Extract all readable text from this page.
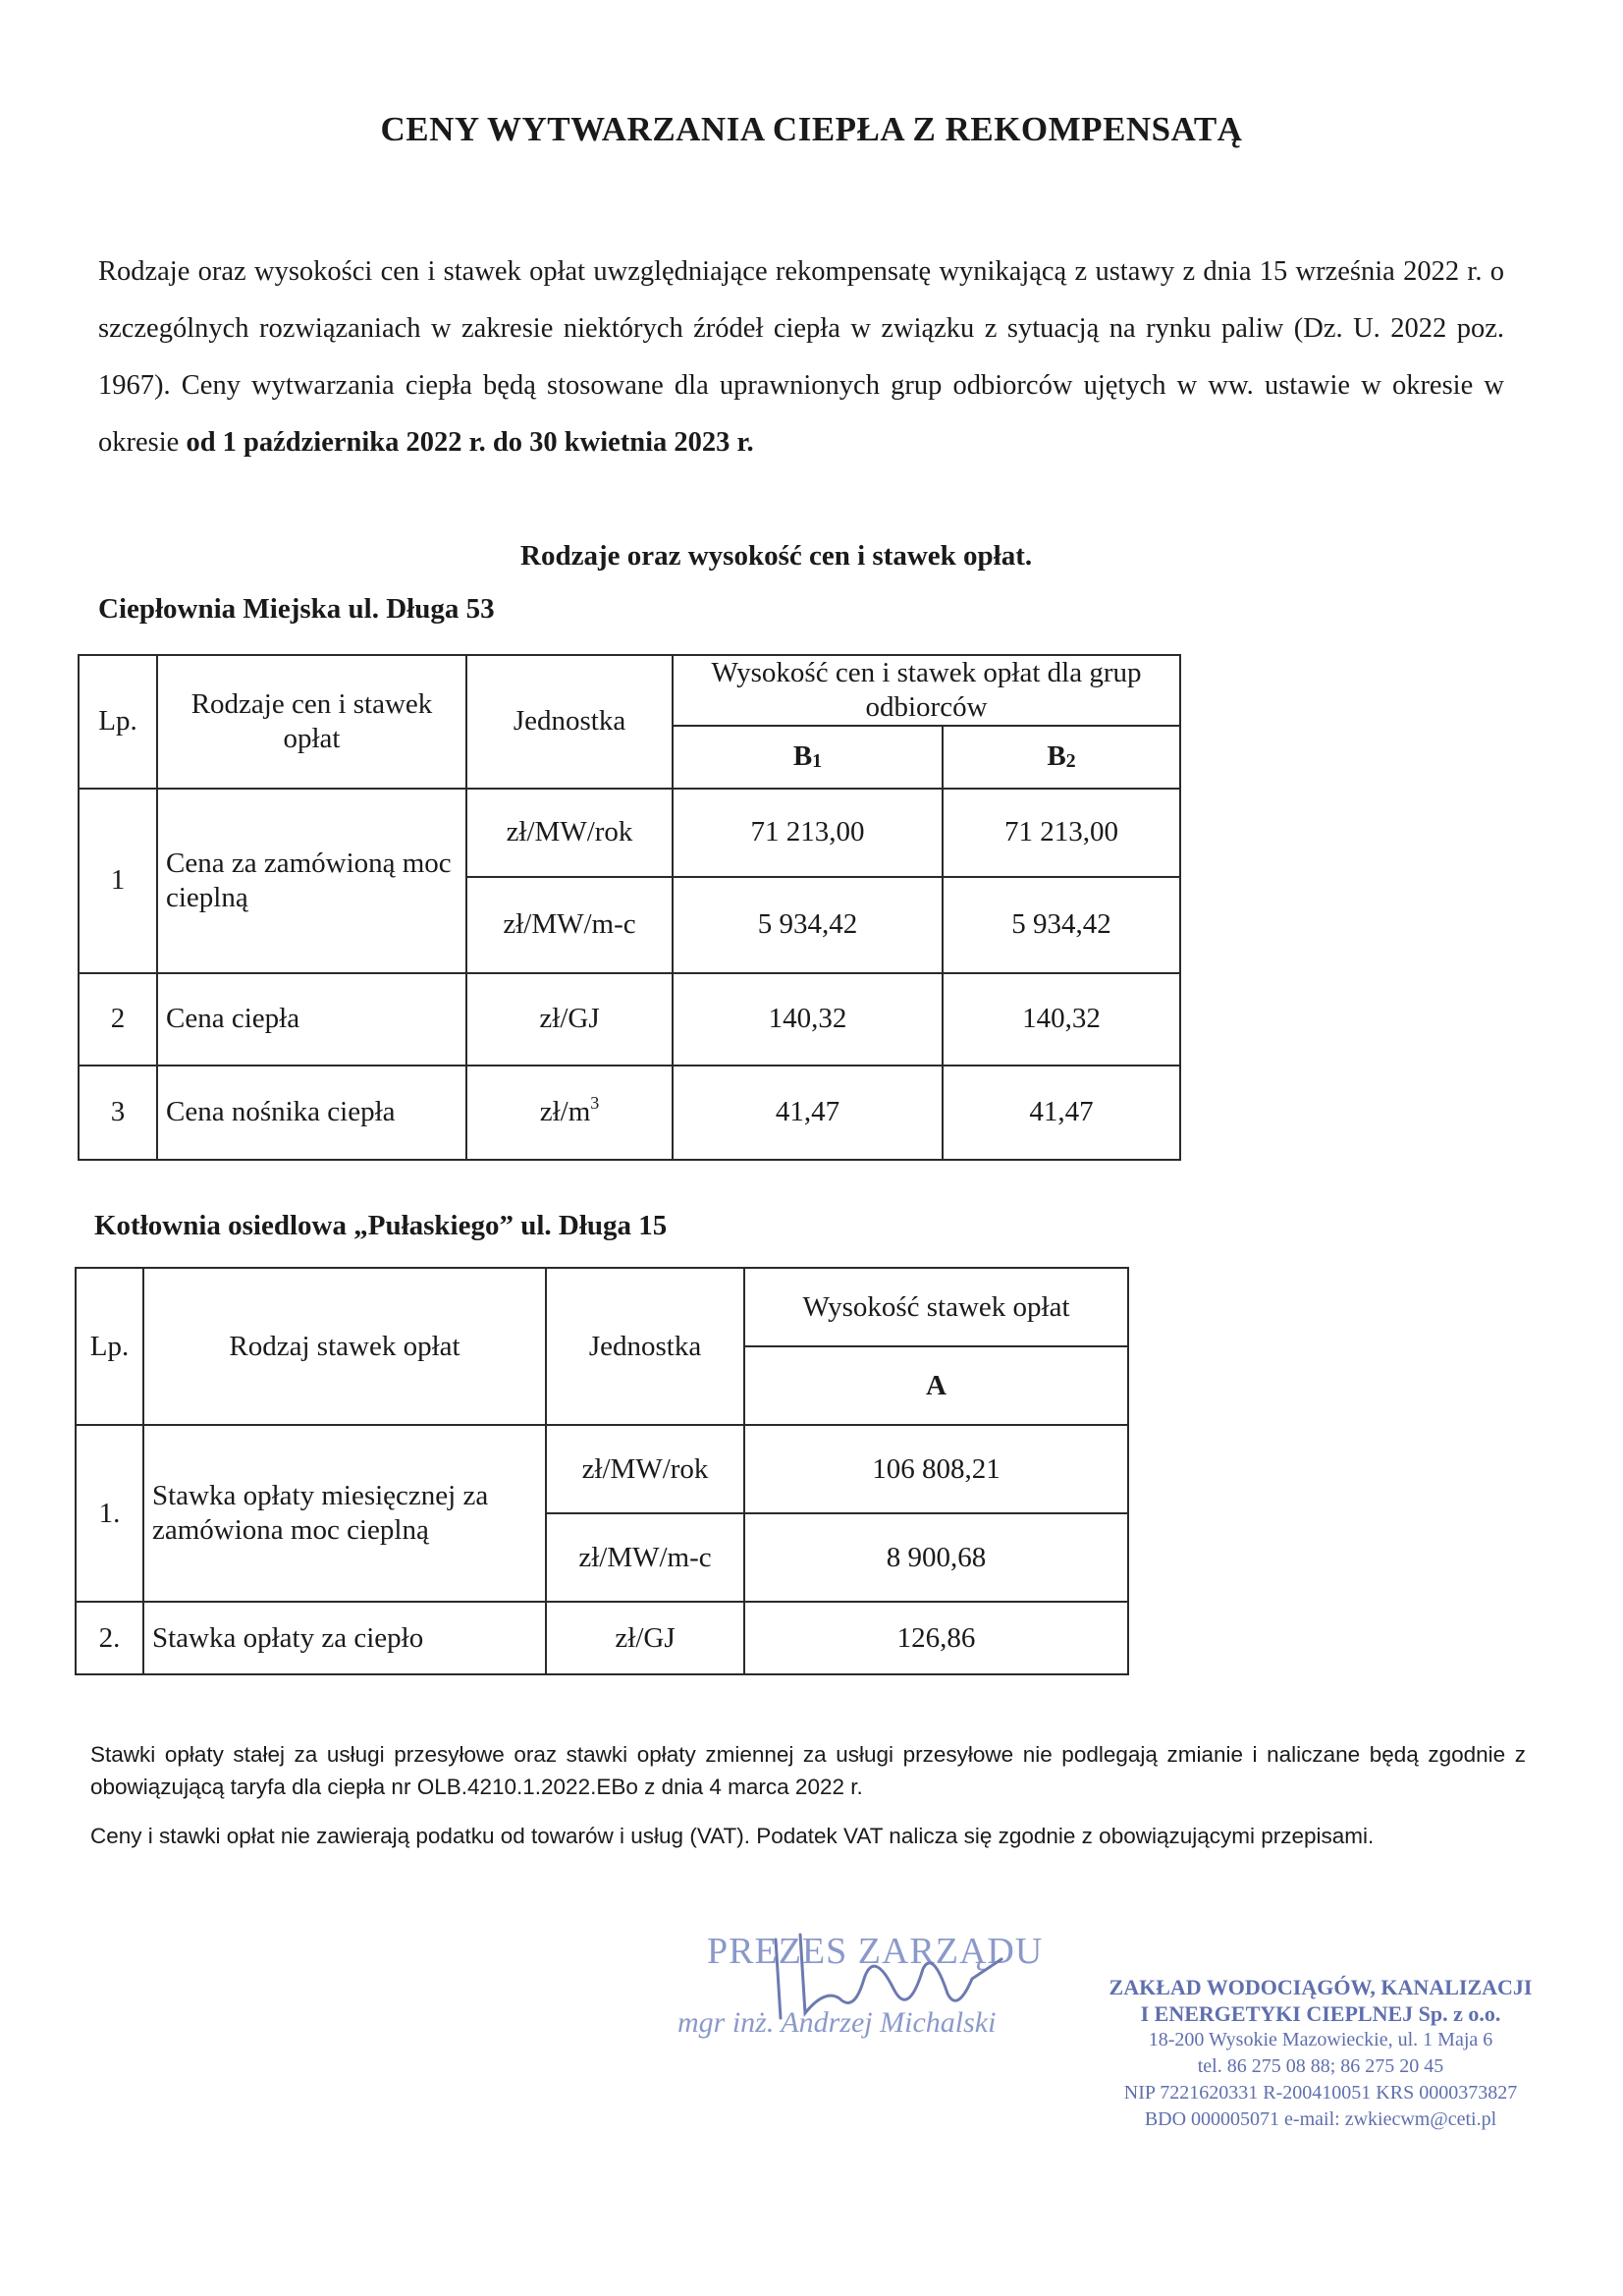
CENY WYTWARZANIA CIEPŁA Z REKOMPENSATĄ
Rodzaje oraz wysokości cen i stawek opłat uwzględniające rekompensatę wynikającą z ustawy z dnia 15 września 2022 r. o szczególnych rozwiązaniach w zakresie niektórych źródeł ciepła w związku z sytuacją na rynku paliw (Dz. U. 2022 poz. 1967). Ceny wytwarzania ciepła będą stosowane dla uprawnionych grup odbiorców ujętych w ww. ustawie w okresie w okresie od 1 października 2022 r. do 30 kwietnia 2023 r.
Rodzaje oraz wysokość cen i stawek opłat.
Ciepłownia Miejska ul. Długa 53
Lp.	Rodzaje cen i stawek opłat	Jednostka	Wysokość cen i stawek opłat dla grup odbiorców	
			$B_1$	$B_2$
1	Cena za zamówioną moc cieplną	zł/MW/rok	71 213,00	71 213,00
		zł/MW/m-c	5 934,42	5 934,42
2	Cena ciepła	zł/GJ	140,32	140,32
3	Cena nośnika ciepła	$zł/m^3$	41,47	41,47
Kotłownia osiedlowa „Pułaskiego” ul. Długa 15
Lp.	Rodzaj stawek opłat	Jednostka	Wysokość stawek opłat
			A
1.	Stawka opłaty miesięcznej za zamówiona moc cieplną	zł/MW/rok	106 808,21
		zł/MW/m-c	8 900,68
2.	Stawka opłaty za ciepło	zł/GJ	126,86
Stawki opłaty stałej za usługi przesyłowe oraz stawki opłaty zmiennej za usługi przesyłowe nie podlegają zmianie i naliczane będą zgodnie z obowiązującą taryfa dla ciepła nr OLB.4210.1.2022.EBo z dnia 4 marca 2022 r.
Ceny i stawki opłat nie zawierają podatku od towarów i usług (VAT). Podatek VAT nalicza się zgodnie z obowiązującymi przepisami.
PREZES ZARZĄDU
mgr inż. Andrzej Michalski
ZAKŁAD WODOCIĄGÓW, KANALIZACJI
I ENERGETYKI CIEPLNEJ Sp. z o.o.
18-200 Wysokie Mazowieckie, ul. 1 Maja 6
tel. 86 275 08 88; 86 275 20 45
NIP 7221620331 R-200410051 KRS 0000373827
BDO 000005071 e-mail: zwkiecwm@ceti.pl
